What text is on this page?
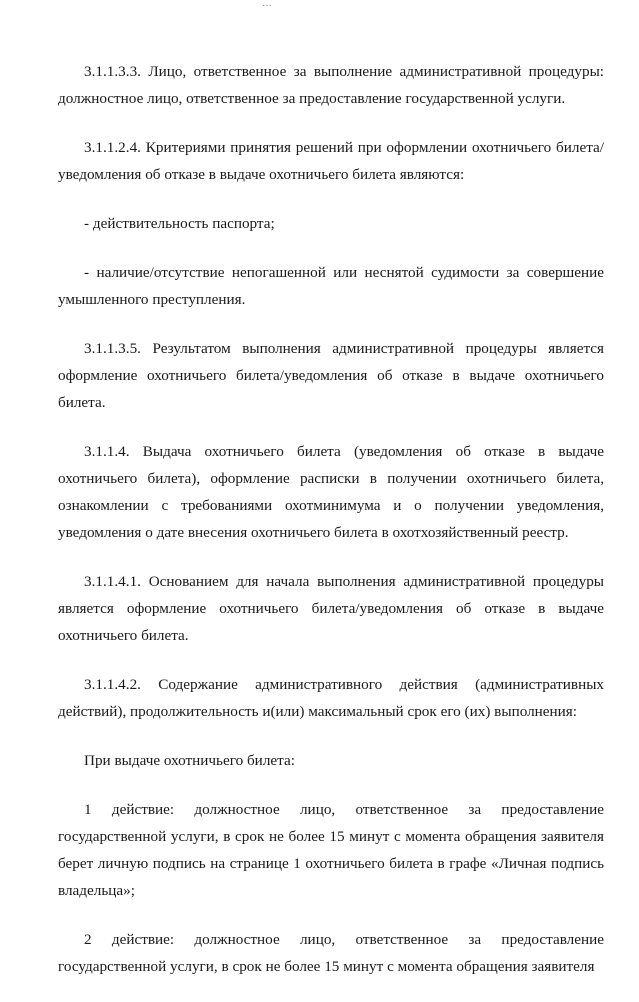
…

3.1.1.3.3. Лицо, ответственное за выполнение административной процедуры: должностное лицо, ответственное за предоставление государственной услуги.

3.1.1.2.4. Критериями принятия решений при оформлении охотничьего билета/уведомления об отказе в выдаче охотничьего билета являются:

- действительность паспорта;

- наличие/отсутствие непогашенной или неснятой судимости за совершение умышленного преступления.

3.1.1.3.5. Результатом выполнения административной процедуры является оформление охотничьего билета/уведомления об отказе в выдаче охотничьего билета.

3.1.1.4. Выдача охотничьего билета (уведомления об отказе в выдаче охотничьего билета), оформление расписки в получении охотничьего билета, ознакомлении с требованиями охотминимума и о получении уведомления, уведомления о дате внесения охотничьего билета в охотхозяйственный реестр.

3.1.1.4.1. Основанием для начала выполнения административной процедуры является оформление охотничьего билета/уведомления об отказе в выдаче охотничьего билета.

3.1.1.4.2. Содержание административного действия (административных действий), продолжительность и(или) максимальный срок его (их) выполнения:

При выдаче охотничьего билета:

1 действие: должностное лицо, ответственное за предоставление государственной услуги, в срок не более 15 минут с момента обращения заявителя берет личную подпись на странице 1 охотничьего билета в графе «Личная подпись владельца»;

2 действие: должностное лицо, ответственное за предоставление государственной услуги, в срок не более 15 минут с момента обращения заявителя
